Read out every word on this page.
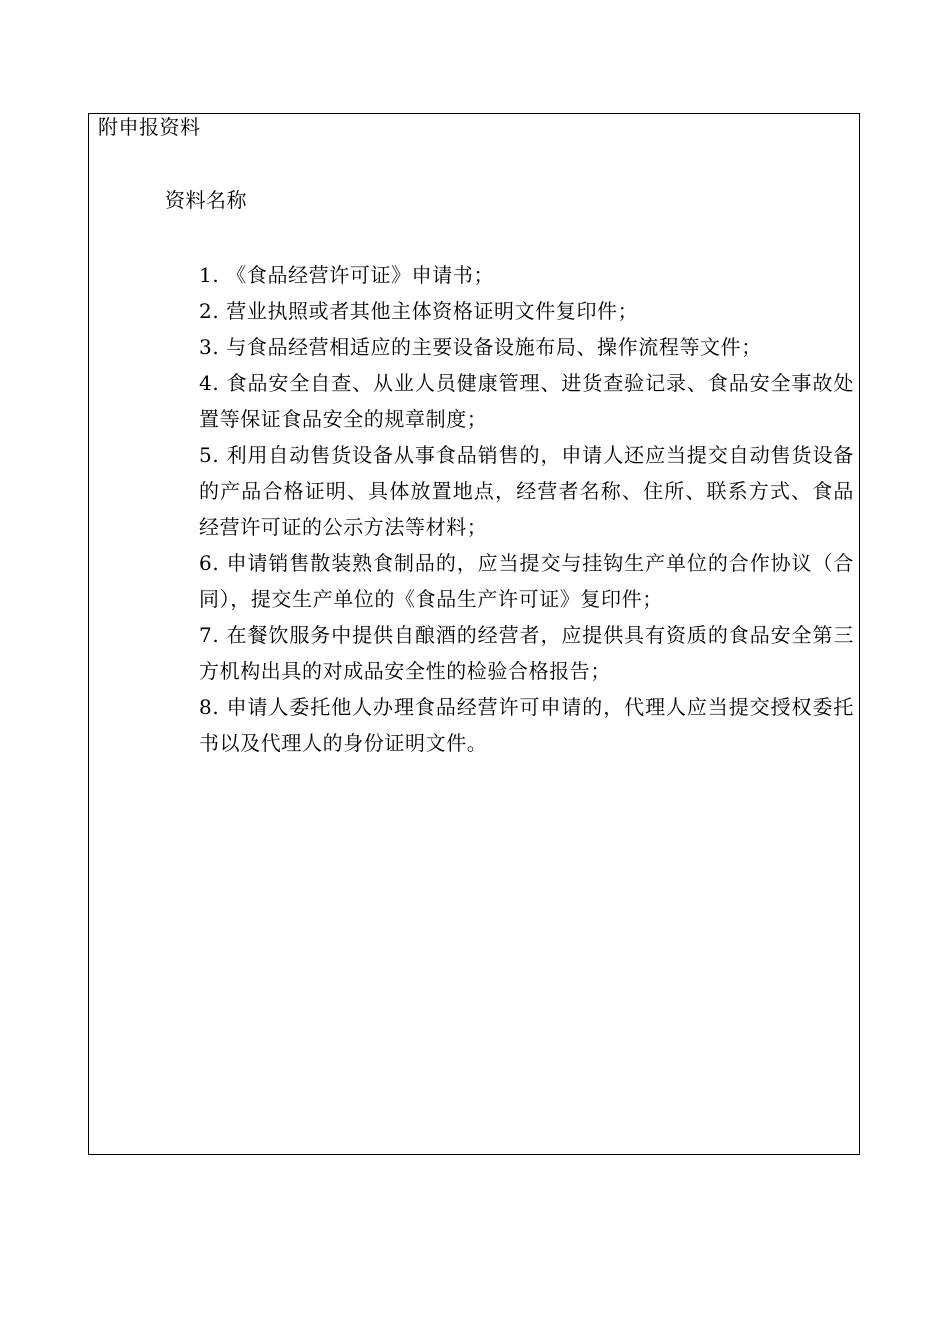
附申报资料
资料名称
1. 《食品经营许可证》申请书；
2. 营业执照或者其他主体资格证明文件复印件；
3. 与食品经营相适应的主要设备设施布局、操作流程等文件；
4. 食品安全自查、从业人员健康管理、进货查验记录、食品安全事故处置等保证食品安全的规章制度；
5. 利用自动售货设备从事食品销售的，申请人还应当提交自动售货设备的产品合格证明、具体放置地点，经营者名称、住所、联系方式、食品经营许可证的公示方法等材料；
6. 申请销售散装熟食制品的，应当提交与挂钩生产单位的合作协议（合同），提交生产单位的《食品生产许可证》复印件；
7. 在餐饮服务中提供自酿酒的经营者，应提供具有资质的食品安全第三方机构出具的对成品安全性的检验合格报告；
8. 申请人委托他人办理食品经营许可申请的，代理人应当提交授权委托书以及代理人的身份证明文件。
